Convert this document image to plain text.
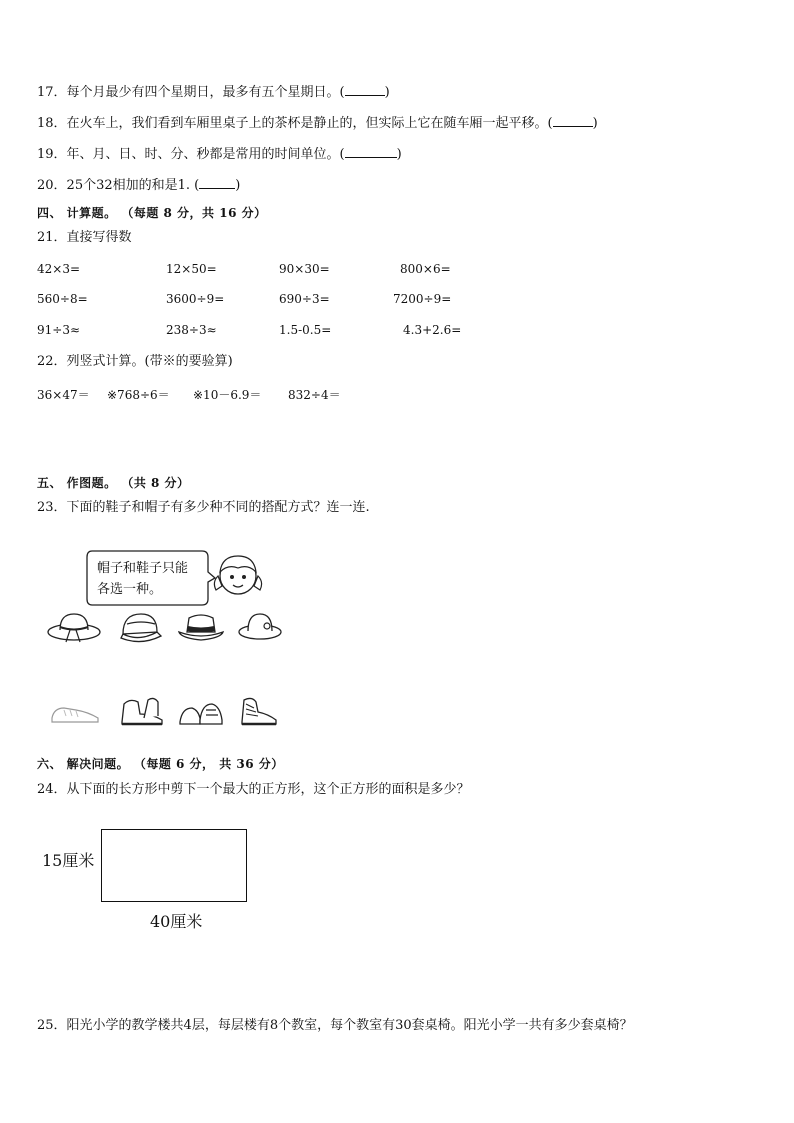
17．每个月最少有四个星期日，最多有五个星期日。(	)
18．在火车上，我们看到车厢里桌子上的茶杯是静止的，但实际上它在随车厢一起平移。(	)
19．年、月、日、时、分、秒都是常用的时间单位。(	)
20．25个32相加的和是1. (	)
四、 计算题。 （每题 8 分，共 16 分）
21．直接写得数
42×3=	12×50=	90×30=	800×6=
560÷8=	3600÷9=	690÷3=	7200÷9=
91÷3≈	238÷3≈	1.5-0.5=	4.3+2.6=
22．列竖式计算。(带※的要验算)
36×47＝ ※768÷6＝ ※10－6.9＝ 832÷4＝
五、 作图题。 （共 8 分）
23．下面的鞋子和帽子有多少种不同的搭配方式？连一连.
帽子和鞋子只能
各选一种。
六、 解决问题。 （每题 6 分， 共 36 分）
24．从下面的长方形中剪下一个最大的正方形，这个正方形的面积是多少？
15厘米
40厘米
25．阳光小学的教学楼共4层，每层楼有8个教室，每个教室有30套桌椅。阳光小学一共有多少套桌椅？
